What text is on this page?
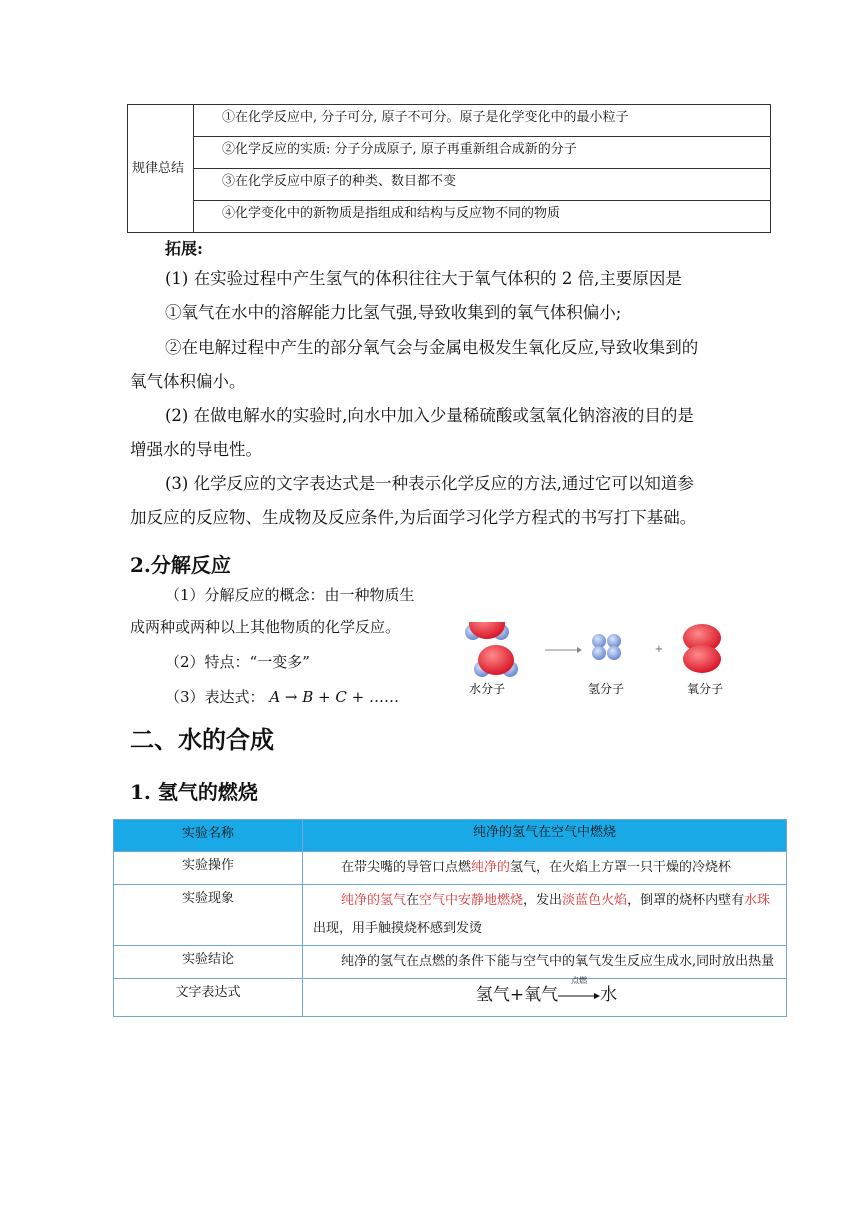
规律总结	①在化学反应中, 分子可分, 原子不可分。原子是化学变化中的最小粒子
②化学反应的实质: 分子分成原子, 原子再重新组合成新的分子
③在化学反应中原子的种类、数目都不变
④化学变化中的新物质是指组成和结构与反应物不同的物质
拓展:
(1) 在实验过程中产生氢气的体积往往大于氧气体积的 2 倍,主要原因是
①氧气在水中的溶解能力比氢气强,导致收集到的氧气体积偏小;
②在电解过程中产生的部分氧气会与金属电极发生氧化反应,导致收集到的
氧气体积偏小。
(2) 在做电解水的实验时,向水中加入少量稀硫酸或氢氧化钠溶液的目的是
增强水的导电性。
(3) 化学反应的文字表达式是一种表示化学反应的方法,通过它可以知道参
加反应的反应物、生成物及反应条件,为后面学习化学方程式的书写打下基础。
2.分解反应
（1）分解反应的概念：由一种物质生
成两种或两种以上其他物质的化学反应。
（2）特点：“一变多”
（3）表达式： A → B + C + ……
+
水分子	氢分子	氧分子
二、水的合成
1. 氢气的燃烧
实验名称	纯净的氢气在空气中燃烧
实验操作	在带尖嘴的导管口点燃纯净的氢气，在火焰上方罩一只干燥的冷烧杯
实验现象	纯净的氢气在空气中安静地燃烧，发出淡蓝色火焰，倒罩的烧杯内壁有水珠出现，用手触摸烧杯感到发烫
实验结论	纯净的氢气在点燃的条件下能与空气中的氧气发生反应生成水,同时放出热量
文字表达式	氢气+氧气
点燃
水
